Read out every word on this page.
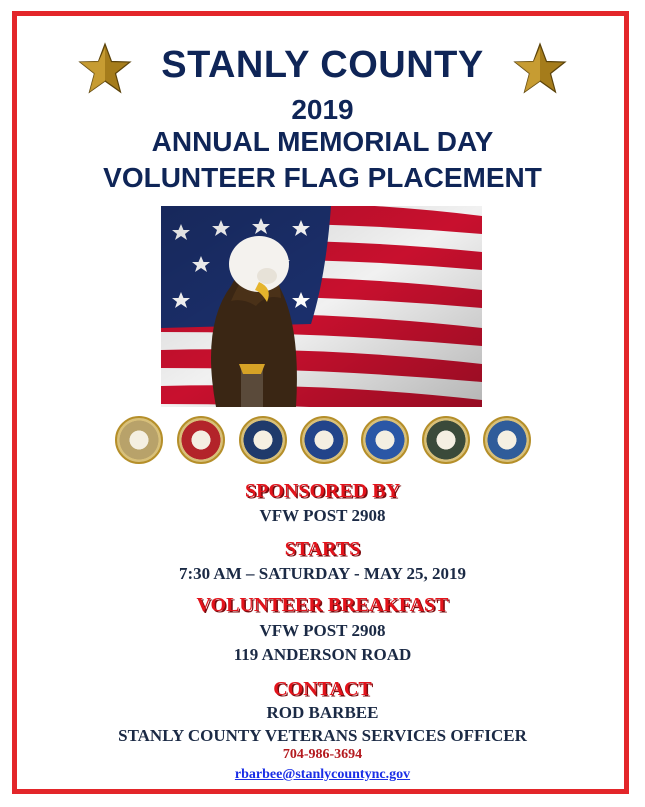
STANLY COUNTY
2019
ANNUAL MEMORIAL DAY
VOLUNTEER FLAG PLACEMENT
SPONSORED BY
VFW POST 2908
STARTS
7:30 AM – SATURDAY - MAY 25, 2019
VOLUNTEER BREAKFAST
VFW POST 2908
119 ANDERSON ROAD
CONTACT
ROD BARBEE
STANLY COUNTY VETERANS SERVICES OFFICER
704-986-3694
rbarbee@stanlycountync.gov
